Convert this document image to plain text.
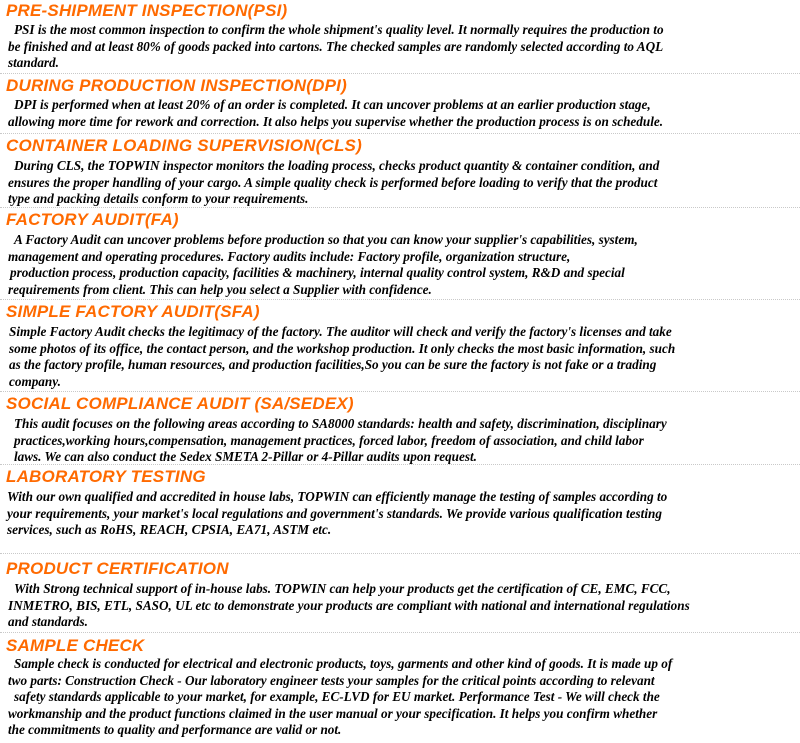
PRE-SHIPMENT INSPECTION(PSI)
PSI is the most common inspection to confirm the whole shipment's quality level. It normally requires the production to
be finished and at least 80% of goods packed into cartons. The checked samples are randomly selected according to AQL
standard.
DURING PRODUCTION INSPECTION(DPI)
DPI is performed when at least 20% of an order is completed. It can uncover problems at an earlier production stage,
allowing more time for rework and correction. It also helps you supervise whether the production process is on schedule.
CONTAINER LOADING SUPERVISION(CLS)
During CLS, the TOPWIN inspector monitors the loading process, checks product quantity & container condition, and
ensures the proper handling of your cargo. A simple quality check is performed before loading to verify that the product
type and packing details conform to your requirements.
FACTORY AUDIT(FA)
A Factory Audit can uncover problems before production so that you can know your supplier's capabilities, system,
management and operating procedures. Factory audits include: Factory profile, organization structure,
production process, production capacity, facilities & machinery, internal quality control system, R&D and special
requirements from client. This can help you select a Supplier with confidence.
SIMPLE FACTORY AUDIT(SFA)
Simple Factory Audit checks the legitimacy of the factory. The auditor will check and verify the factory's licenses and take
some photos of its office, the contact person, and the workshop production. It only checks the most basic information, such
as the factory profile, human resources, and production facilities,So you can be sure the factory is not fake or a trading
company.
SOCIAL COMPLIANCE AUDIT (SA/SEDEX)
This audit focuses on the following areas according to SA8000 standards: health and safety, discrimination, disciplinary
practices,working hours,compensation, management practices, forced labor, freedom of association, and child labor
laws. We can also conduct the Sedex SMETA 2-Pillar or 4-Pillar audits upon request.
LABORATORY TESTING
With our own qualified and accredited in house labs, TOPWIN can efficiently manage the testing of samples according to
your requirements, your market's local regulations and government's standards. We provide various qualification testing
services, such as RoHS, REACH, CPSIA, EA71, ASTM etc.
PRODUCT CERTIFICATION
With Strong technical support of in-house labs. TOPWIN can help your products get the certification of CE, EMC, FCC,
INMETRO, BIS, ETL, SASO, UL etc to demonstrate your products are compliant with national and international regulations
and standards.
SAMPLE CHECK
Sample check is conducted for electrical and electronic products, toys, garments and other kind of goods. It is made up of
two parts: Construction Check - Our laboratory engineer tests your samples for the critical points according to relevant
safety standards applicable to your market, for example, EC-LVD for EU market. Performance Test - We will check the
workmanship and the product functions claimed in the user manual or your specification. It helps you confirm whether
the commitments to quality and performance are valid or not.
